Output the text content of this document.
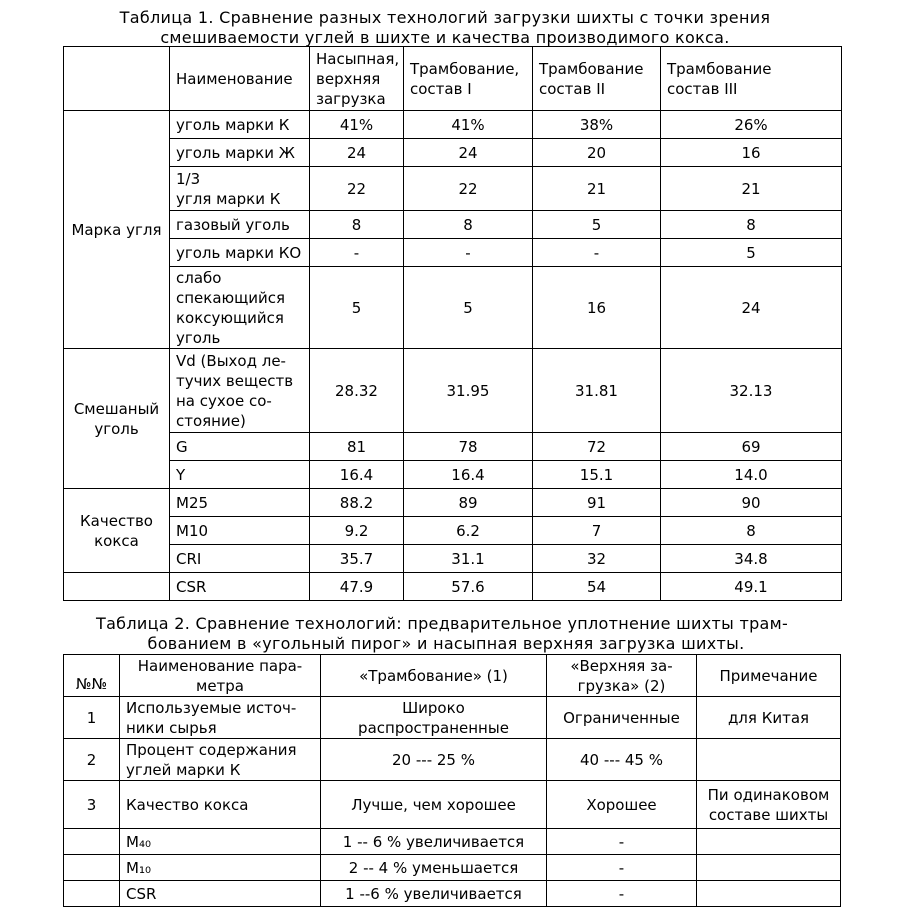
Таблица 1. Сравнение разных технологий загрузки шихты с точки зрения
смешиваемости углей в шихте и качества производимого кокса.
	Наименование	Насыпная,
верхняя
загрузка	Трамбование,
состав I	Трамбование
состав II	Трамбование
состав III
Марка угля	уголь марки К	41%	41%	38%	26%
	уголь марки Ж	24	24	20	16
	1/3
угля марки К	22	22	21	21
	газовый уголь	8	8	5	8
	уголь марки КО	-	-	-	5
	слабо
спекающийся
коксующийся
уголь	5	5	16	24
Смешаный
уголь	Vd (Выход ле-
тучих веществ
на сухое со-
стояние)	28.32	31.95	31.81	32.13
	G	81	78	72	69
	Y	16.4	16.4	15.1	14.0
Качество
кокса	M25	88.2	89	91	90
	M10	9.2	6.2	7	8
	CRI	35.7	31.1	32	34.8
	CSR	47.9	57.6	54	49.1
Таблица 2. Сравнение технологий: предварительное уплотнение шихты трам-
бованием в «угольный пирог» и насыпная верхняя загрузка шихты.
№№	Наименование пара-
метра	«Трамбование» (1)	«Верхняя за-
грузка» (2)	Примечание
1	Используемые источ-
ники сырья	Широко распространенные	Ограниченные	для Китая
2	Процент содержания
углей марки К	20 --- 25 %	40 --- 45 %	
3	Качество кокса	Лучше, чем хорошее	Хорошее	Пи одинаковом
составе шихты
	M₄₀	1 -- 6 % увеличивается	-	
	M₁₀	2 -- 4 % уменьшается	-	
	CSR	1 --6 % увеличивается	-	
